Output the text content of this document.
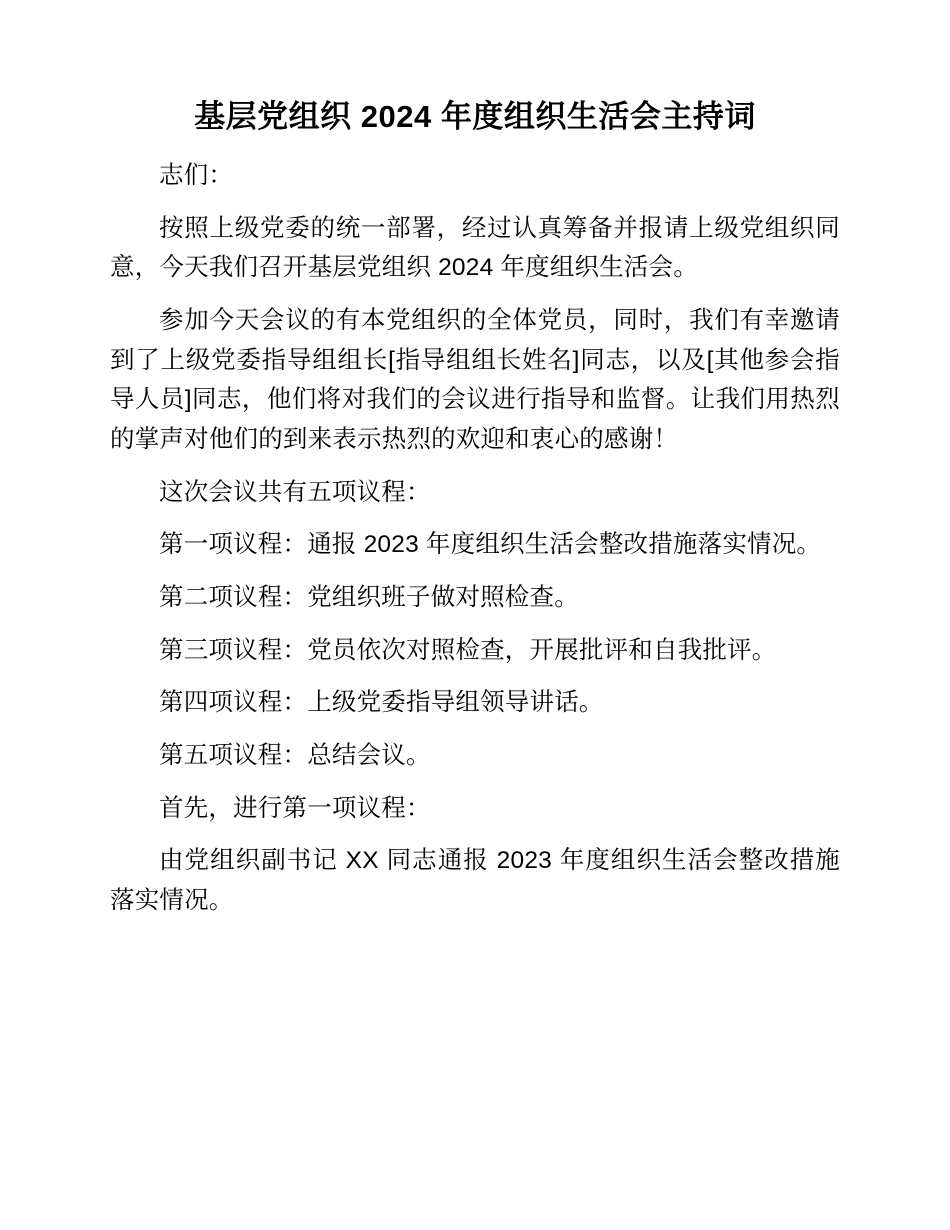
基层党组织 2024 年度组织生活会主持词

志们：

按照上级党委的统一部署，经过认真筹备并报请上级党组织同意，今天我们召开基层党组织 2024 年度组织生活会。

参加今天会议的有本党组织的全体党员，同时，我们有幸邀请到了上级党委指导组组长[指导组组长姓名]同志，以及[其他参会指导人员]同志，他们将对我们的会议进行指导和监督。让我们用热烈的掌声对他们的到来表示热烈的欢迎和衷心的感谢！

这次会议共有五项议程：

第一项议程：通报 2023 年度组织生活会整改措施落实情况。

第二项议程：党组织班子做对照检查。

第三项议程：党员依次对照检查，开展批评和自我批评。

第四项议程：上级党委指导组领导讲话。

第五项议程：总结会议。

首先，进行第一项议程：

由党组织副书记 XX 同志通报 2023 年度组织生活会整改措施落实情况。
